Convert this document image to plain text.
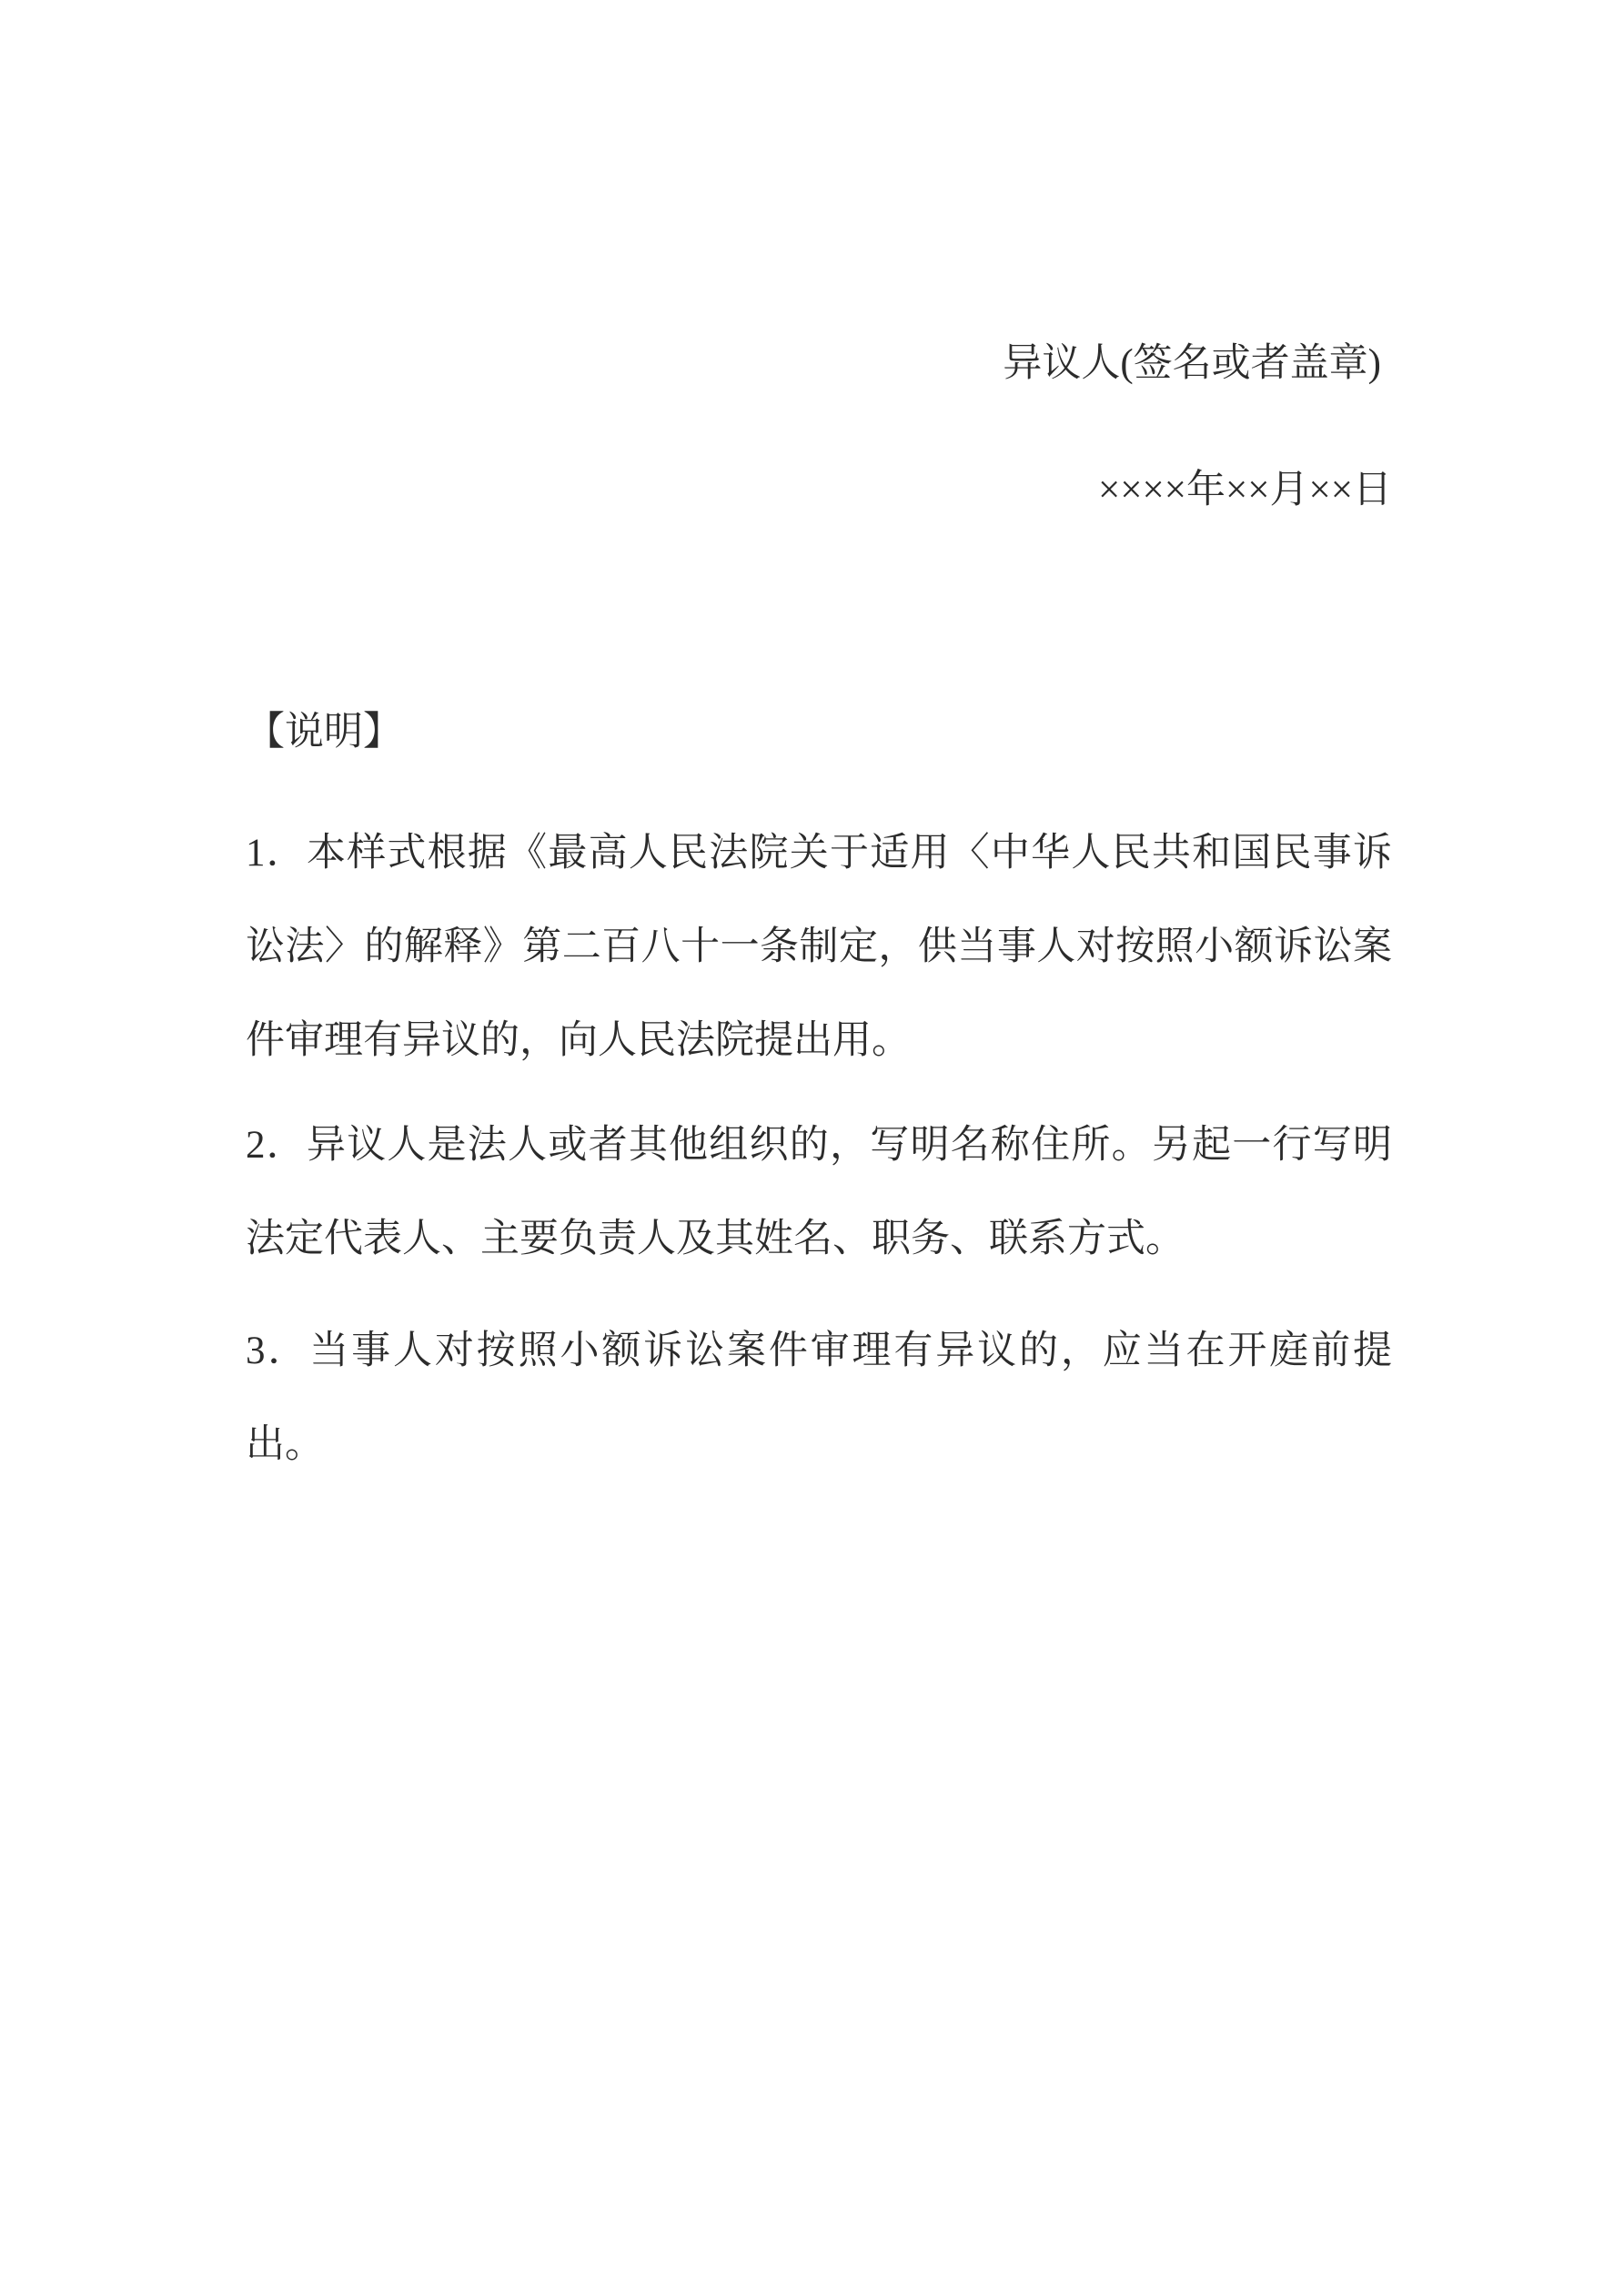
异议人(签名或者盖章)
××××年××月××日
【说明】

1．本样式根据《最高人民法院关于适用〈中华人民共和国民事诉讼法〉的解释》第二百八十一条制定，供当事人对按照小额诉讼案件审理有异议的，向人民法院提出用。

2．异议人是法人或者其他组织的，写明名称住所。另起一行写明法定代表人、主要负责人及其姓名、职务、联系方式。

3．当事人对按照小额诉讼案件审理有异议的，应当在开庭前提出。
